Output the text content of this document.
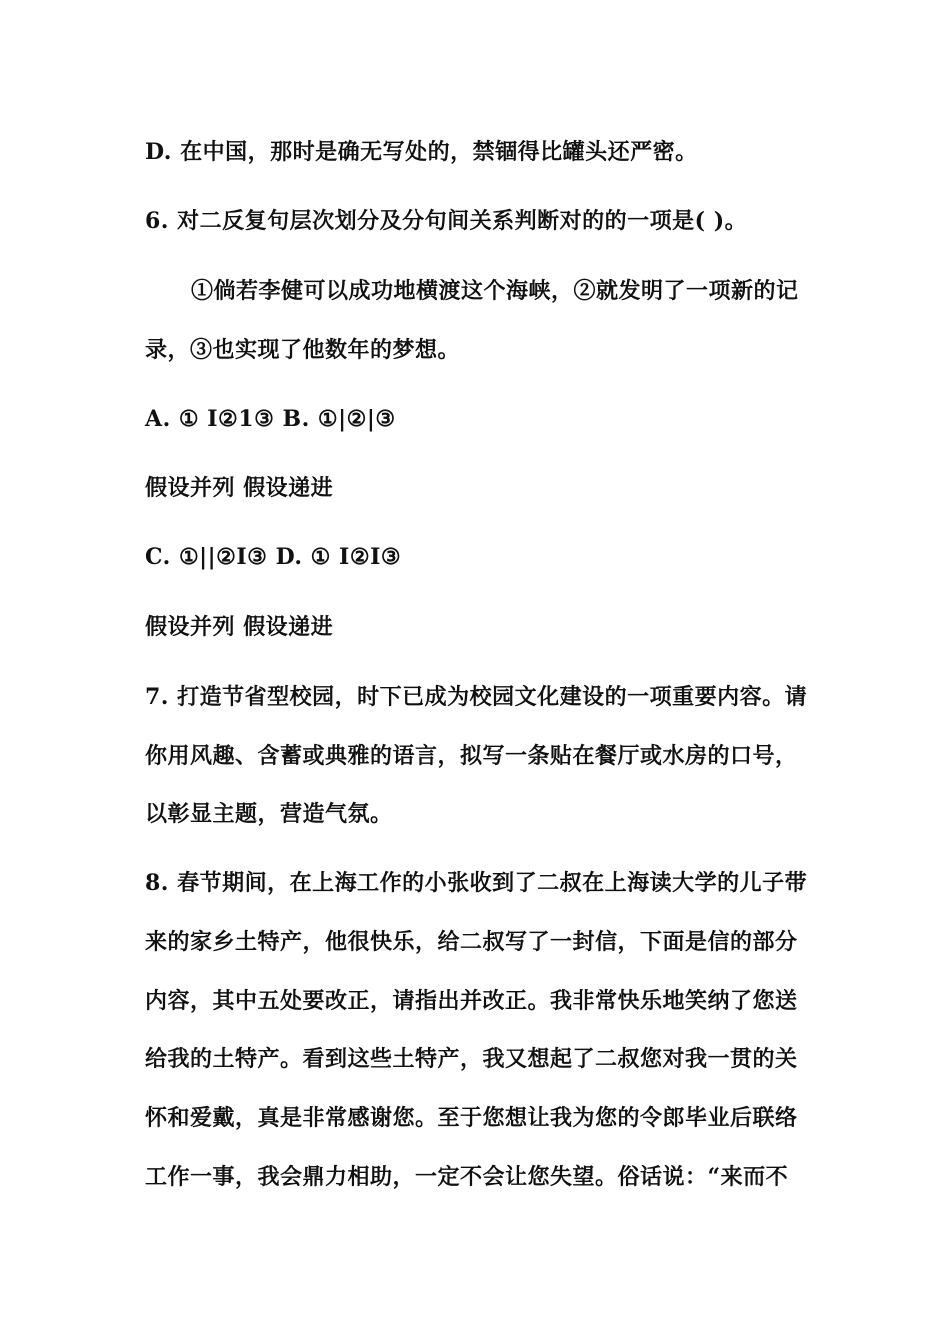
D. 在中国，那时是确无写处的，禁锢得比罐头还严密。
6. 对二反复句层次划分及分句间关系判断对的的一项是( )。
①倘若李健可以成功地横渡这个海峡，②就发明了一项新的记
录，③也实现了他数年的梦想。
A. ① I②1③ B. ①|②|③
假设并列 假设递进
C. ①||②I③ D. ① I②I③
假设并列 假设递进
7. 打造节省型校园，时下已成为校园文化建设的一项重要内容。请
你用风趣、含蓄或典雅的语言，拟写一条贴在餐厅或水房的口号，
以彰显主题，营造气氛。
8. 春节期间，在上海工作的小张收到了二叔在上海读大学的儿子带
来的家乡土特产，他很快乐，给二叔写了一封信，下面是信的部分
内容，其中五处要改正，请指出并改正。我非常快乐地笑纳了您送
给我的土特产。看到这些土特产，我又想起了二叔您对我一贯的关
怀和爱戴，真是非常感谢您。至于您想让我为您的令郎毕业后联络
工作一事，我会鼎力相助，一定不会让您失望。俗话说：“来而不
